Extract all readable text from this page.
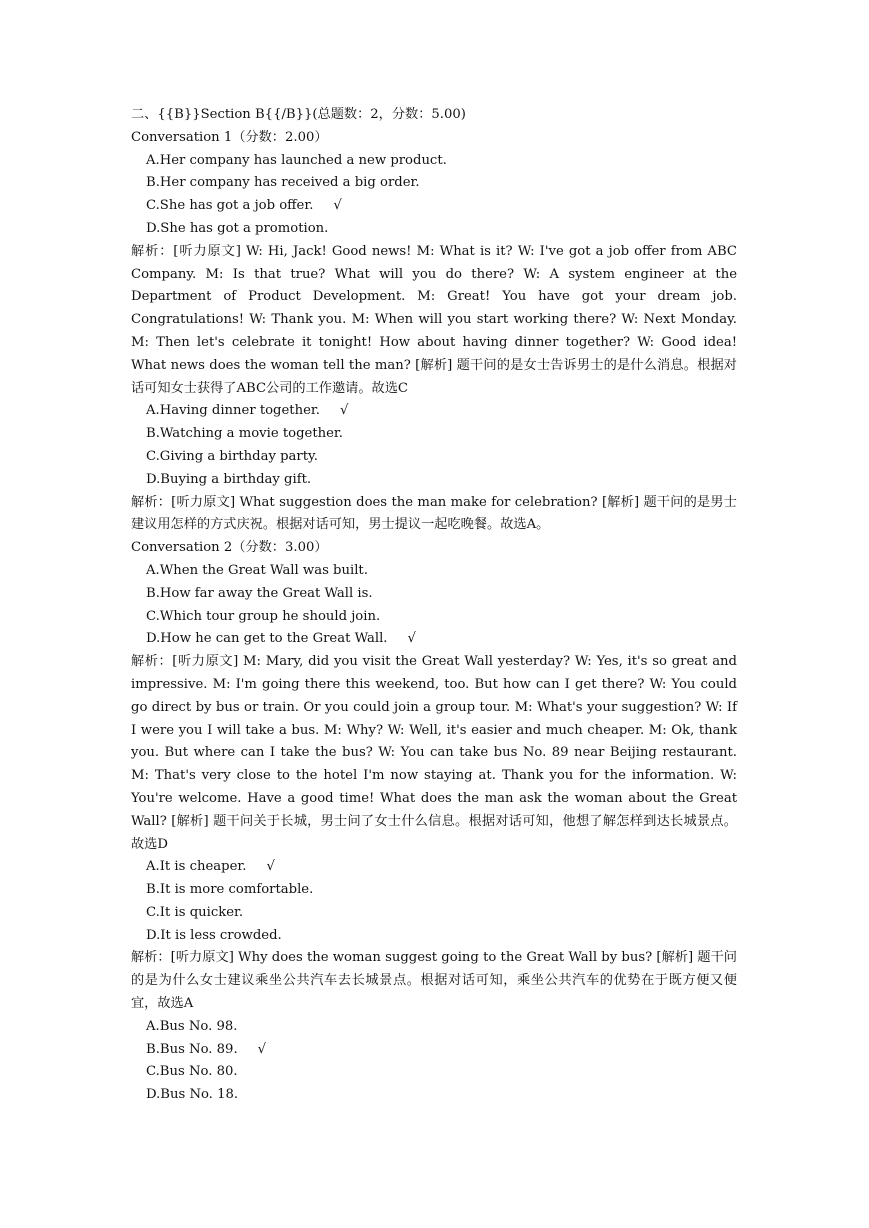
二、{{B}}Section B{{/B}}(总题数：2，分数：5.00)
Conversation 1（分数：2.00）
A.Her company has launched a new product.
B.Her company has received a big order.
C.She has got a job offer. √
D.She has got a promotion.
解析：[听力原文] W: Hi, Jack! Good news! M: What is it? W: I've got a job offer from ABC Company. M: Is that true? What will you do there? W: A system engineer at the Department of Product Development. M: Great! You have got your dream job. Congratulations! W: Thank you. M: When will you start working there? W: Next Monday. M: Then let's celebrate it tonight! How about having dinner together? W: Good idea! What news does the woman tell the man? [解析] 题干问的是女士告诉男士的是什么消息。根据对话可知女士获得了ABC公司的工作邀请。故选C
A.Having dinner together. √
B.Watching a movie together.
C.Giving a birthday party.
D.Buying a birthday gift.
解析：[听力原文] What suggestion does the man make for celebration? [解析] 题干问的是男士建议用怎样的方式庆祝。根据对话可知，男士提议一起吃晚餐。故选A。
Conversation 2（分数：3.00）
A.When the Great Wall was built.
B.How far away the Great Wall is.
C.Which tour group he should join.
D.How he can get to the Great Wall. √
解析：[听力原文] M: Mary, did you visit the Great Wall yesterday? W: Yes, it's so great and impressive. M: I'm going there this weekend, too. But how can I get there? W: You could go direct by bus or train. Or you could join a group tour. M: What's your suggestion? W: If I were you I will take a bus. M: Why? W: Well, it's easier and much cheaper. M: Ok, thank you. But where can I take the bus? W: You can take bus No. 89 near Beijing restaurant. M: That's very close to the hotel I'm now staying at. Thank you for the information. W: You're welcome. Have a good time! What does the man ask the woman about the Great Wall? [解析] 题干问关于长城，男士问了女士什么信息。根据对话可知，他想了解怎样到达长城景点。故选D
A.It is cheaper. √
B.It is more comfortable.
C.It is quicker.
D.It is less crowded.
解析：[听力原文] Why does the woman suggest going to the Great Wall by bus? [解析] 题干问的是为什么女士建议乘坐公共汽车去长城景点。根据对话可知，乘坐公共汽车的优势在于既方便又便宜，故选A
A.Bus No. 98.
B.Bus No. 89. √
C.Bus No. 80.
D.Bus No. 18.
